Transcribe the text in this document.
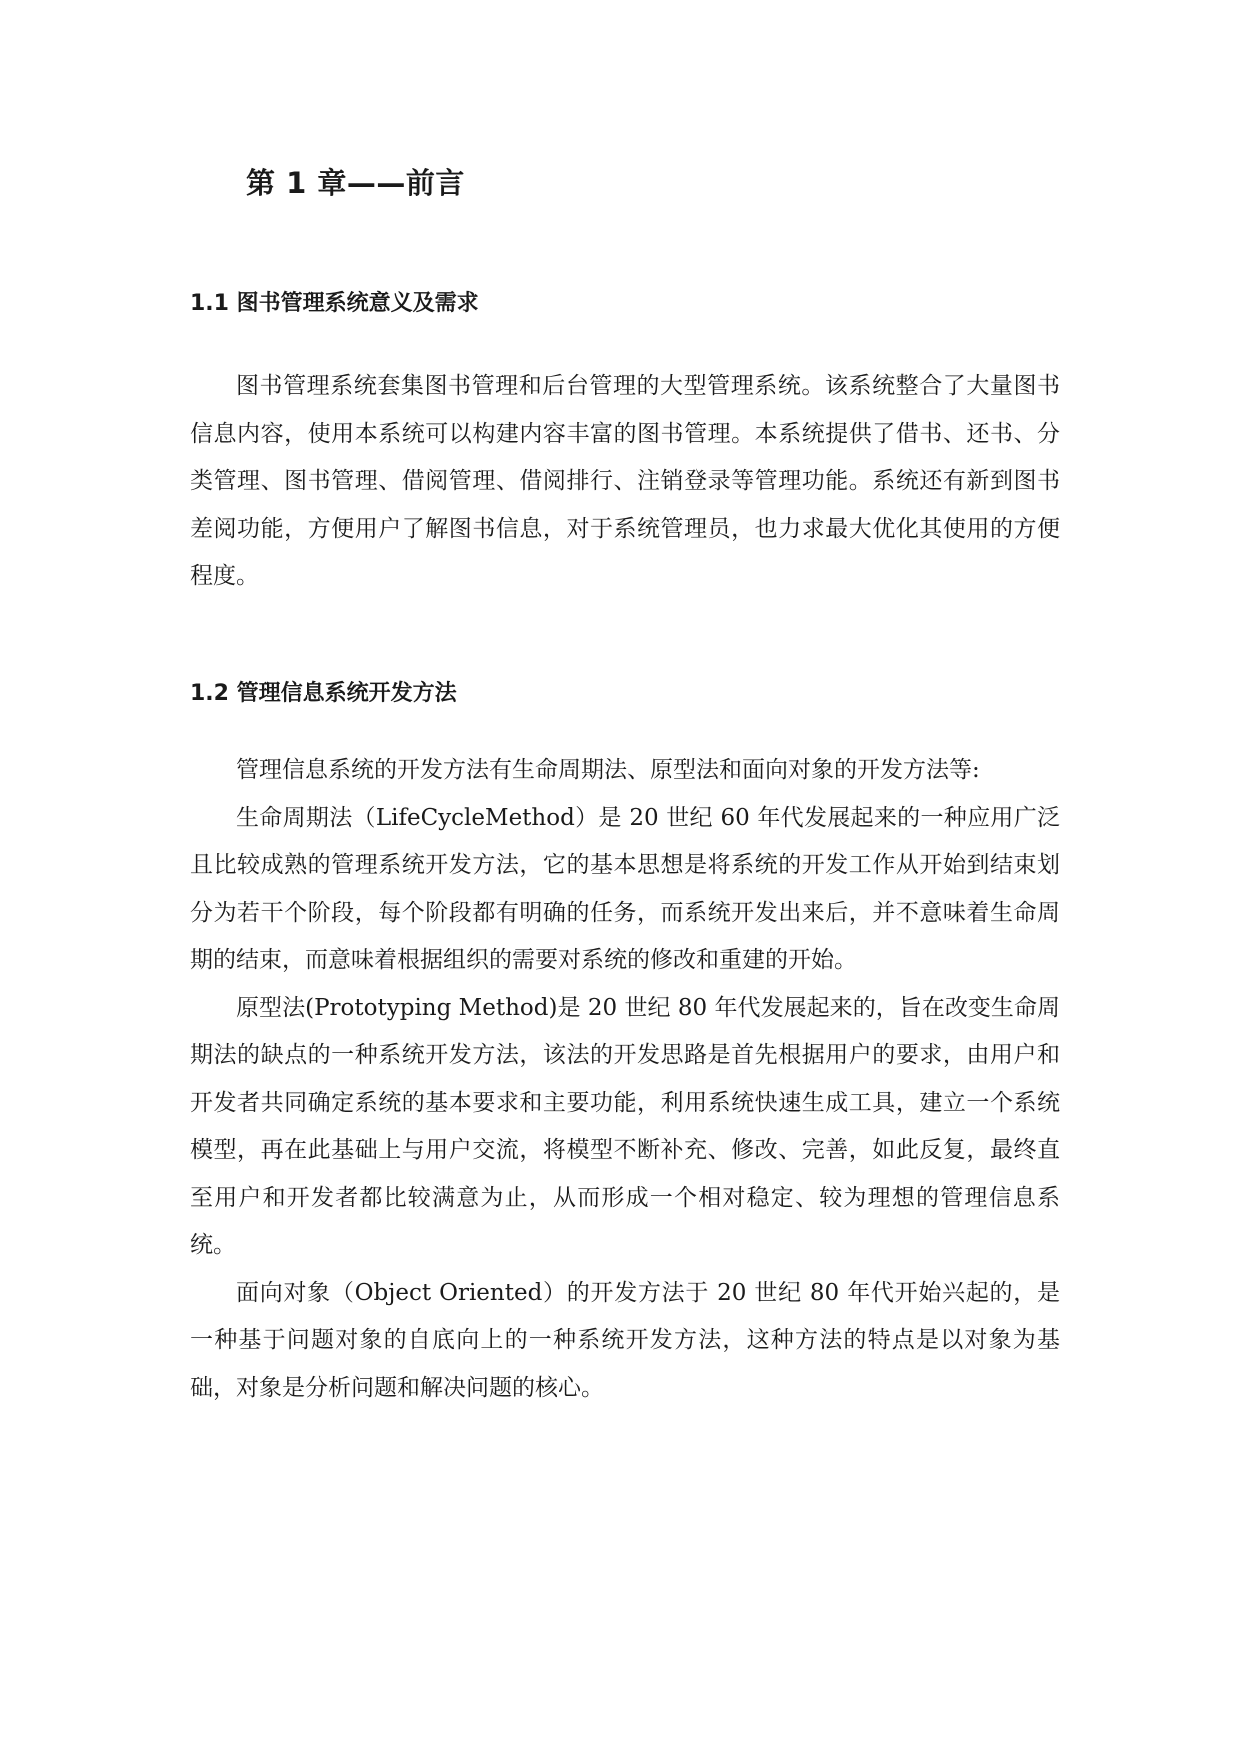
第 1 章——前言
1.1 图书管理系统意义及需求

图书管理系统套集图书管理和后台管理的大型管理系统。该系统整合了大量图书信息内容，使用本系统可以构建内容丰富的图书管理。本系统提供了借书、还书、分类管理、图书管理、借阅管理、借阅排行、注销登录等管理功能。系统还有新到图书差阅功能，方便用户了解图书信息，对于系统管理员，也力求最大优化其使用的方便程度。

1.2 管理信息系统开发方法

管理信息系统的开发方法有生命周期法、原型法和面向对象的开发方法等:

生命周期法（LifeCycleMethod）是 20 世纪 60 年代发展起来的一种应用广泛且比较成熟的管理系统开发方法，它的基本思想是将系统的开发工作从开始到结束划分为若干个阶段，每个阶段都有明确的任务，而系统开发出来后，并不意味着生命周期的结束，而意味着根据组织的需要对系统的修改和重建的开始。

原型法(Prototyping Method)是 20 世纪 80 年代发展起来的，旨在改变生命周期法的缺点的一种系统开发方法，该法的开发思路是首先根据用户的要求，由用户和开发者共同确定系统的基本要求和主要功能，利用系统快速生成工具，建立一个系统模型，再在此基础上与用户交流，将模型不断补充、修改、完善，如此反复，最终直至用户和开发者都比较满意为止，从而形成一个相对稳定、较为理想的管理信息系统。

面向对象（Object Oriented）的开发方法于 20 世纪 80 年代开始兴起的，是一种基于问题对象的自底向上的一种系统开发方法，这种方法的特点是以对象为基础，对象是分析问题和解决问题的核心。
